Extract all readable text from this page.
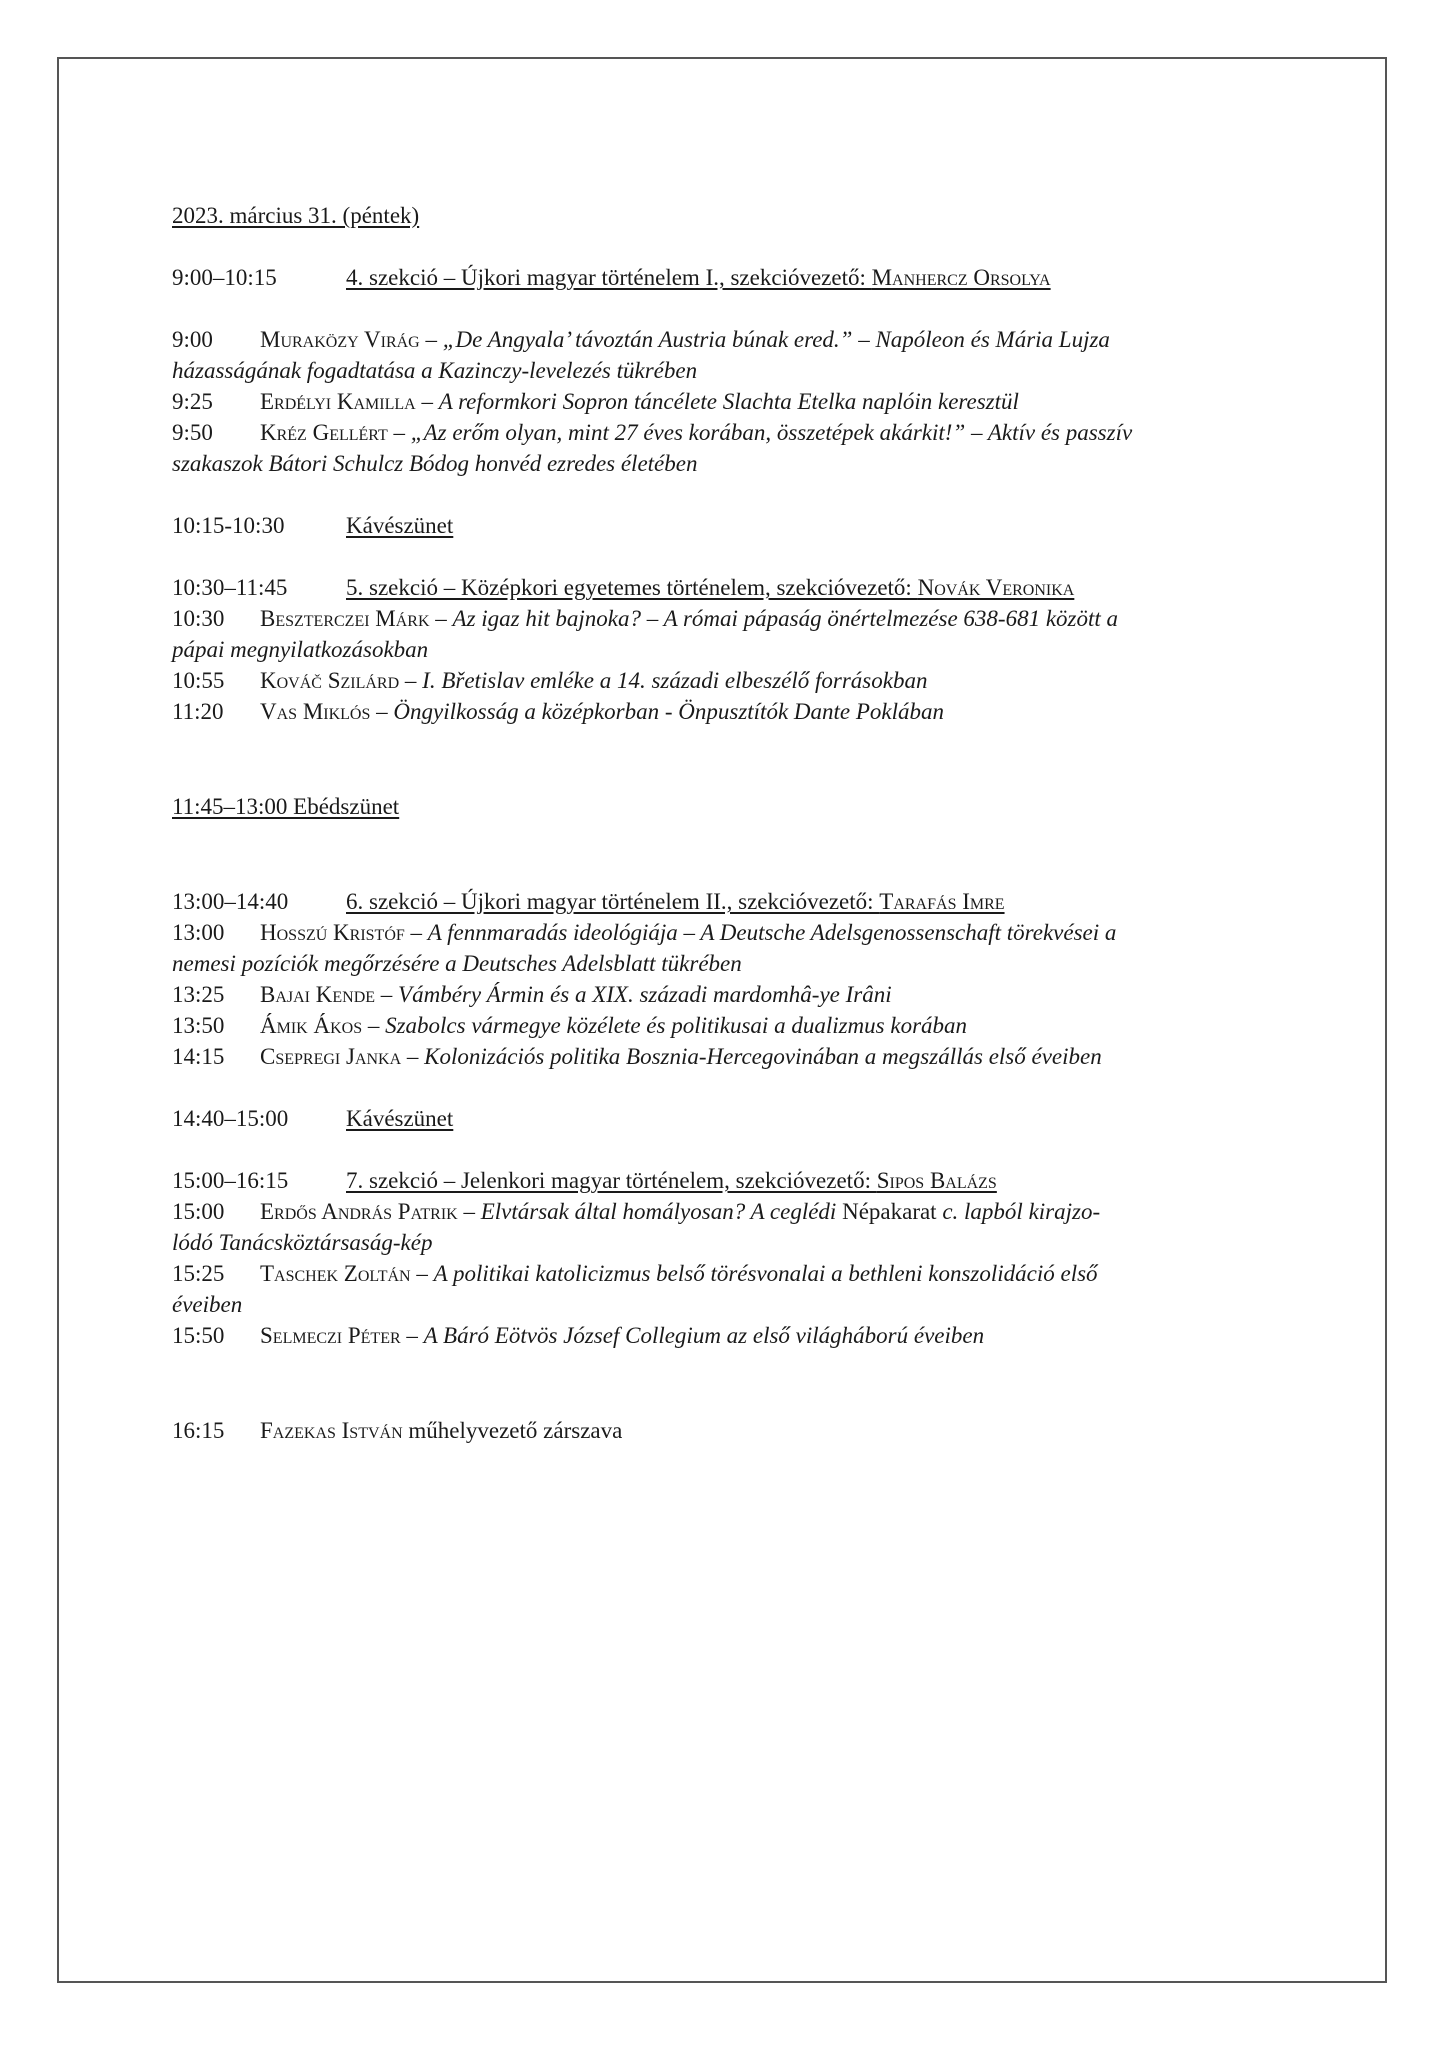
2023. március 31. (péntek)
9:00–10:15	4. szekció – Újkori magyar történelem I., szekcióvezető: Manhercz Orsolya
9:00 Muraközy Virág – „De Angyala’ távoztán Austria búnak ered.” – Napóleon és Mária Lujza
házasságának fogadtatása a Kazinczy-levelezés tükrében
9:25 Erdélyi Kamilla – A reformkori Sopron táncélete Slachta Etelka naplóin keresztül
9:50 Kréz Gellért – „Az erőm olyan, mint 27 éves korában, összetépek akárkit!” – Aktív és passzív
szakaszok Bátori Schulcz Bódog honvéd ezredes életében
10:15-10:30	Kávészünet
10:30–11:45	5. szekció – Középkori egyetemes történelem, szekcióvezető: Novák Veronika
10:30 Beszterczei Márk – Az igaz hit bajnoka? – A római pápaság önértelmezése 638-681 között a
pápai megnyilatkozásokban
10:55 Kováč Szilárd – I. Břetislav emléke a 14. századi elbeszélő forrásokban
11:20 Vas Miklós – Öngyilkosság a középkorban - Önpusztítók Dante Poklában
11:45–13:00 Ebédszünet
13:00–14:40	6. szekció – Újkori magyar történelem II., szekcióvezető: Tarafás Imre
13:00 Hosszú Kristóf – A fennmaradás ideológiája – A Deutsche Adelsgenossenschaft törekvései a
nemesi pozíciók megőrzésére a Deutsches Adelsblatt tükrében
13:25 Bajai Kende – Vámbéry Ármin és a XIX. századi mardomhâ-ye Irâni
13:50 Ámik Ákos – Szabolcs vármegye közélete és politikusai a dualizmus korában
14:15 Csepregi Janka – Kolonizációs politika Bosznia-Hercegovinában a megszállás első éveiben
14:40–15:00	Kávészünet
15:00–16:15	7. szekció – Jelenkori magyar történelem, szekcióvezető: Sipos Balázs
15:00 Erdős András Patrik – Elvtársak által homályosan? A ceglédi Népakarat c. lapból kirajzo-
lódó Tanácsköztársaság-kép
15:25 Taschek Zoltán – A politikai katolicizmus belső törésvonalai a bethleni konszolidáció első
éveiben
15:50 Selmeczi Péter – A Báró Eötvös József Collegium az első világháború éveiben
16:15 Fazekas István műhelyvezető zárszava
